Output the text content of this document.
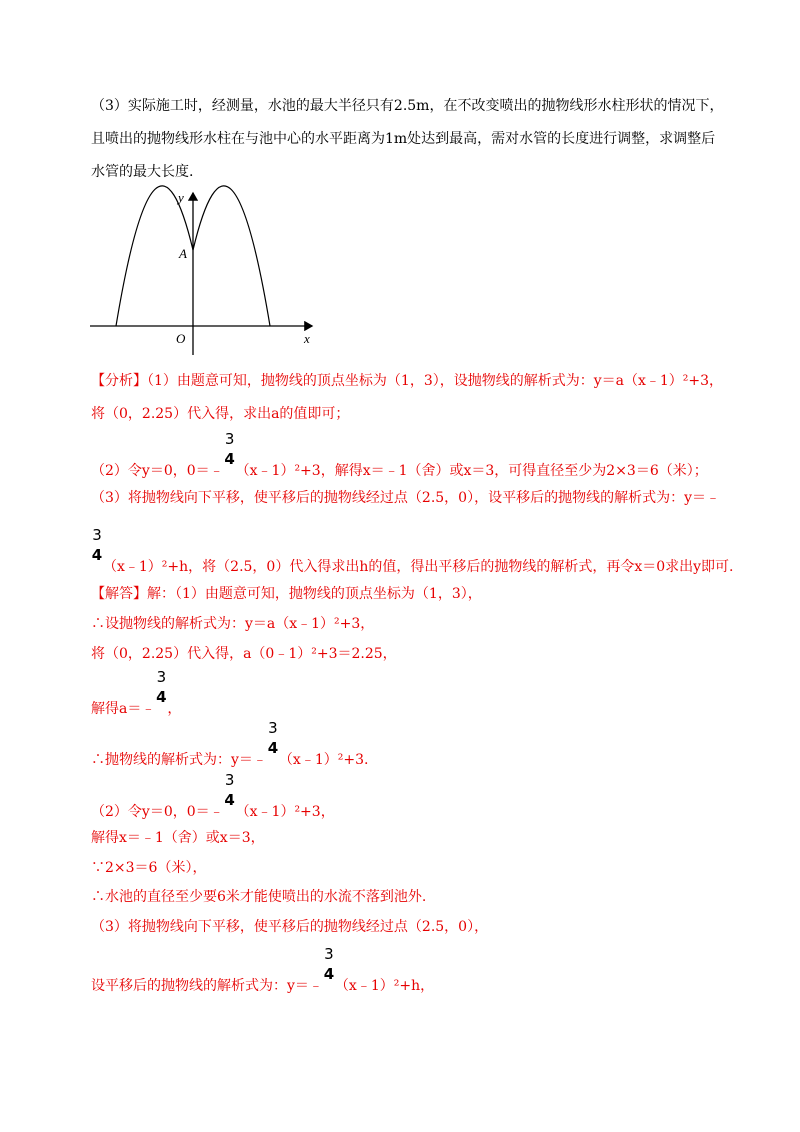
（3）实际施工时，经测量，水池的最大半径只有2.5m，在不改变喷出的抛物线形水柱形状的情况下，
且喷出的抛物线形水柱在与池中心的水平距离为1m处达到最高，需对水管的长度进行调整，求调整后
水管的最大长度.
y
A
O	x
【分析】（1）由题意可知，抛物线的顶点坐标为（1，3），设抛物线的解析式为：y＝a（x﹣1）²+3，
将（0，2.25）代入得，求出a的值即可；
（2）令y＝0，0＝﹣
3
4
（x﹣1）²+3，解得x＝﹣1（舍）或x＝3，可得直径至少为2×3＝6（米）；
（3）将抛物线向下平移，使平移后的抛物线经过点（2.5，0），设平移后的抛物线的解析式为：y＝﹣
3
4
（x﹣1）²+h，将（2.5，0）代入得求出h的值，得出平移后的抛物线的解析式，再令x＝0求出y即可.
【解答】解：（1）由题意可知，抛物线的顶点坐标为（1，3），
∴设抛物线的解析式为：y＝a（x﹣1）²+3，
将（0，2.25）代入得，a（0﹣1）²+3＝2.25，
解得a＝﹣
3
4
，
∴抛物线的解析式为：y＝﹣
3
4
（x﹣1）²+3.
（2）令y＝0，0＝﹣
3
4
（x﹣1）²+3，
解得x＝﹣1（舍）或x＝3，
∵2×3＝6（米），
∴水池的直径至少要6米才能使喷出的水流不落到池外.
（3）将抛物线向下平移，使平移后的抛物线经过点（2.5，0），
设平移后的抛物线的解析式为：y＝﹣
3
4
（x﹣1）²+h，
